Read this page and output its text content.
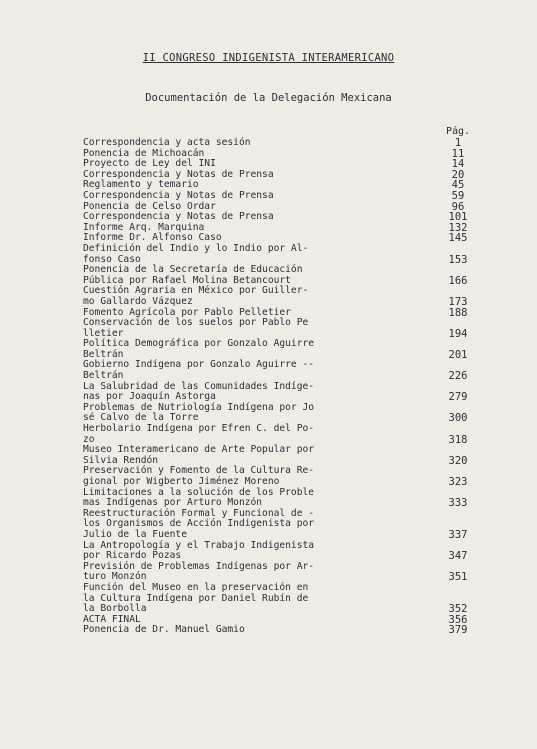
II CONGRESO INDIGENISTA INTERAMERICANO
Documentación de la Delegación Mexicana
Pág.
Correspondencia y acta sesión	1
Ponencia de Michoacán	11
Proyecto de Ley del INI	14
Correspondencia y Notas de Prensa	20
Reglamento y temario	45
Correspondencia y Notas de Prensa	59
Ponencia de Celso Ordar	96
Correspondencia y Notas de Prensa	101
Informe Arq. Marquina	132
Informe Dr. Alfonso Caso	145
Definición del Indio y lo Indio por Al-
fonso Caso	153
Ponencia de la Secretaría de Educación
Pública por Rafael Molina Betancourt	166
Cuestión Agraria en México por Guiller-
mo Gallardo Vázquez	173
Fomento Agrícola por Pablo Pelletier	188
Conservación de los suelos por Pablo Pe
lletier	194
Política Demográfica por Gonzalo Aguirre
Beltrán	201
Gobierno Indígena por Gonzalo Aguirre --
Beltrán	226
La Salubridad de las Comunidades Indíge-
nas por Joaquín Astorga	279
Problemas de Nutriología Indígena por Jo
sé Calvo de la Torre	300
Herbolario Indígena por Efren C. del Po-
zo	318
Museo Interamericano de Arte Popular por
Silvia Rendón	320
Preservación y Fomento de la Cultura Re-
gional por Wigberto Jiménez Moreno	323
Limitaciones a la solución de los Proble
mas Indígenas por Arturo Monzón	333
Reestructuración Formal y Funcional de -
los Organismos de Acción Indigenista por
Julio de la Fuente	337
La Antropología y el Trabajo Indigenista
por Ricardo Pozas	347
Previsión de Problemas Indígenas por Ar-
turo Monzón	351
Función del Museo en la preservación en
la Cultura Indígena por Daniel Rubín de
la Borbolla	352
ACTA FINAL	356
Ponencia de Dr. Manuel Gamio	379
